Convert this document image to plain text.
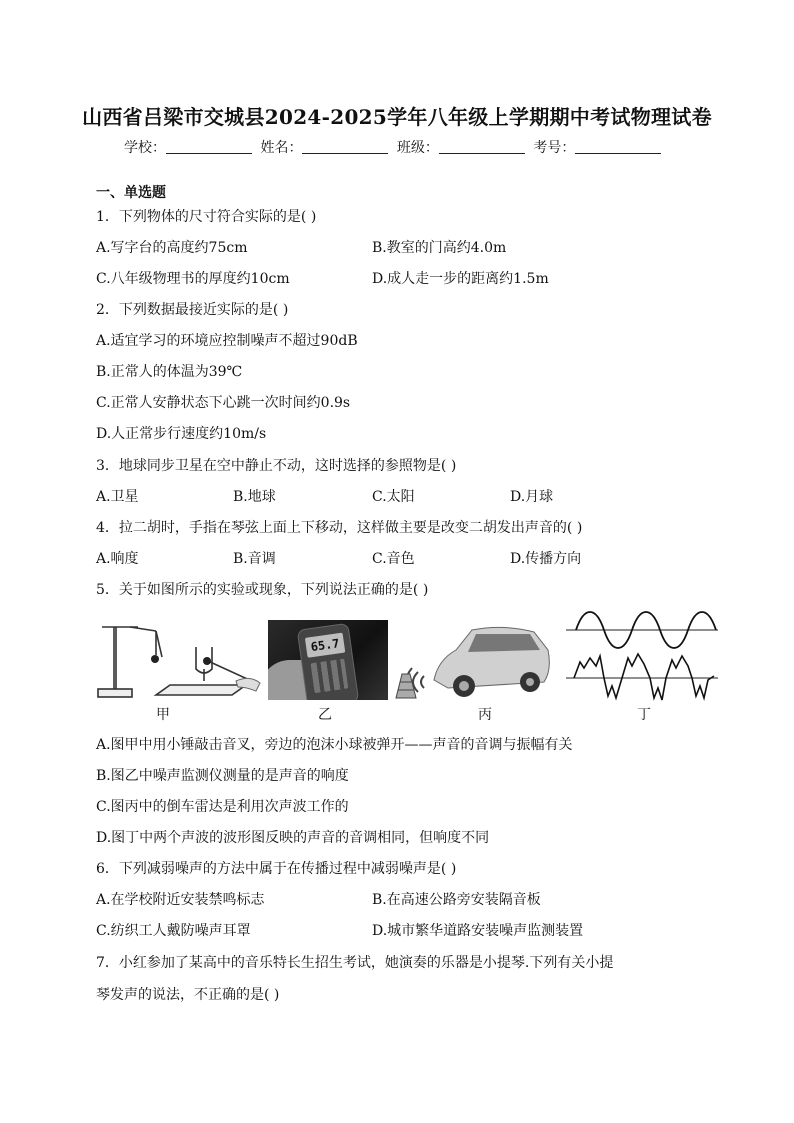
山西省吕梁市交城县2024-2025学年八年级上学期期中考试物理试卷
学校：	姓名：	班级：	考号：
一、单选题
1．下列物体的尺寸符合实际的是( )
A.写字台的高度约75cm	B.教室的门高约4.0m
C.八年级物理书的厚度约10cm	D.成人走一步的距离约1.5m
2．下列数据最接近实际的是( )
A.适宜学习的环境应控制噪声不超过90dB
B.正常人的体温为39℃
C.正常人安静状态下心跳一次时间约0.9s
D.人正常步行速度约10m/s
3．地球同步卫星在空中静止不动，这时选择的参照物是( )
A.卫星	B.地球	C.太阳	D.月球
4．拉二胡时，手指在琴弦上面上下移动，这样做主要是改变二胡发出声音的( )
A.响度	B.音调	C.音色	D.传播方向
5．关于如图所示的实验或现象，下列说法正确的是( )
甲
65.7
乙	丙	丁
A.图甲中用小锤敲击音叉，旁边的泡沫小球被弹开——声音的音调与振幅有关
B.图乙中噪声监测仪测量的是声音的响度
C.图丙中的倒车雷达是利用次声波工作的
D.图丁中两个声波的波形图反映的声音的音调相同，但响度不同
6．下列减弱噪声的方法中属于在传播过程中减弱噪声是( )
A.在学校附近安装禁鸣标志	B.在高速公路旁安装隔音板
C.纺织工人戴防噪声耳罩	D.城市繁华道路安装噪声监测装置
7．小红参加了某高中的音乐特长生招生考试，她演奏的乐器是小提琴.下列有关小提
琴发声的说法，不正确的是( )
